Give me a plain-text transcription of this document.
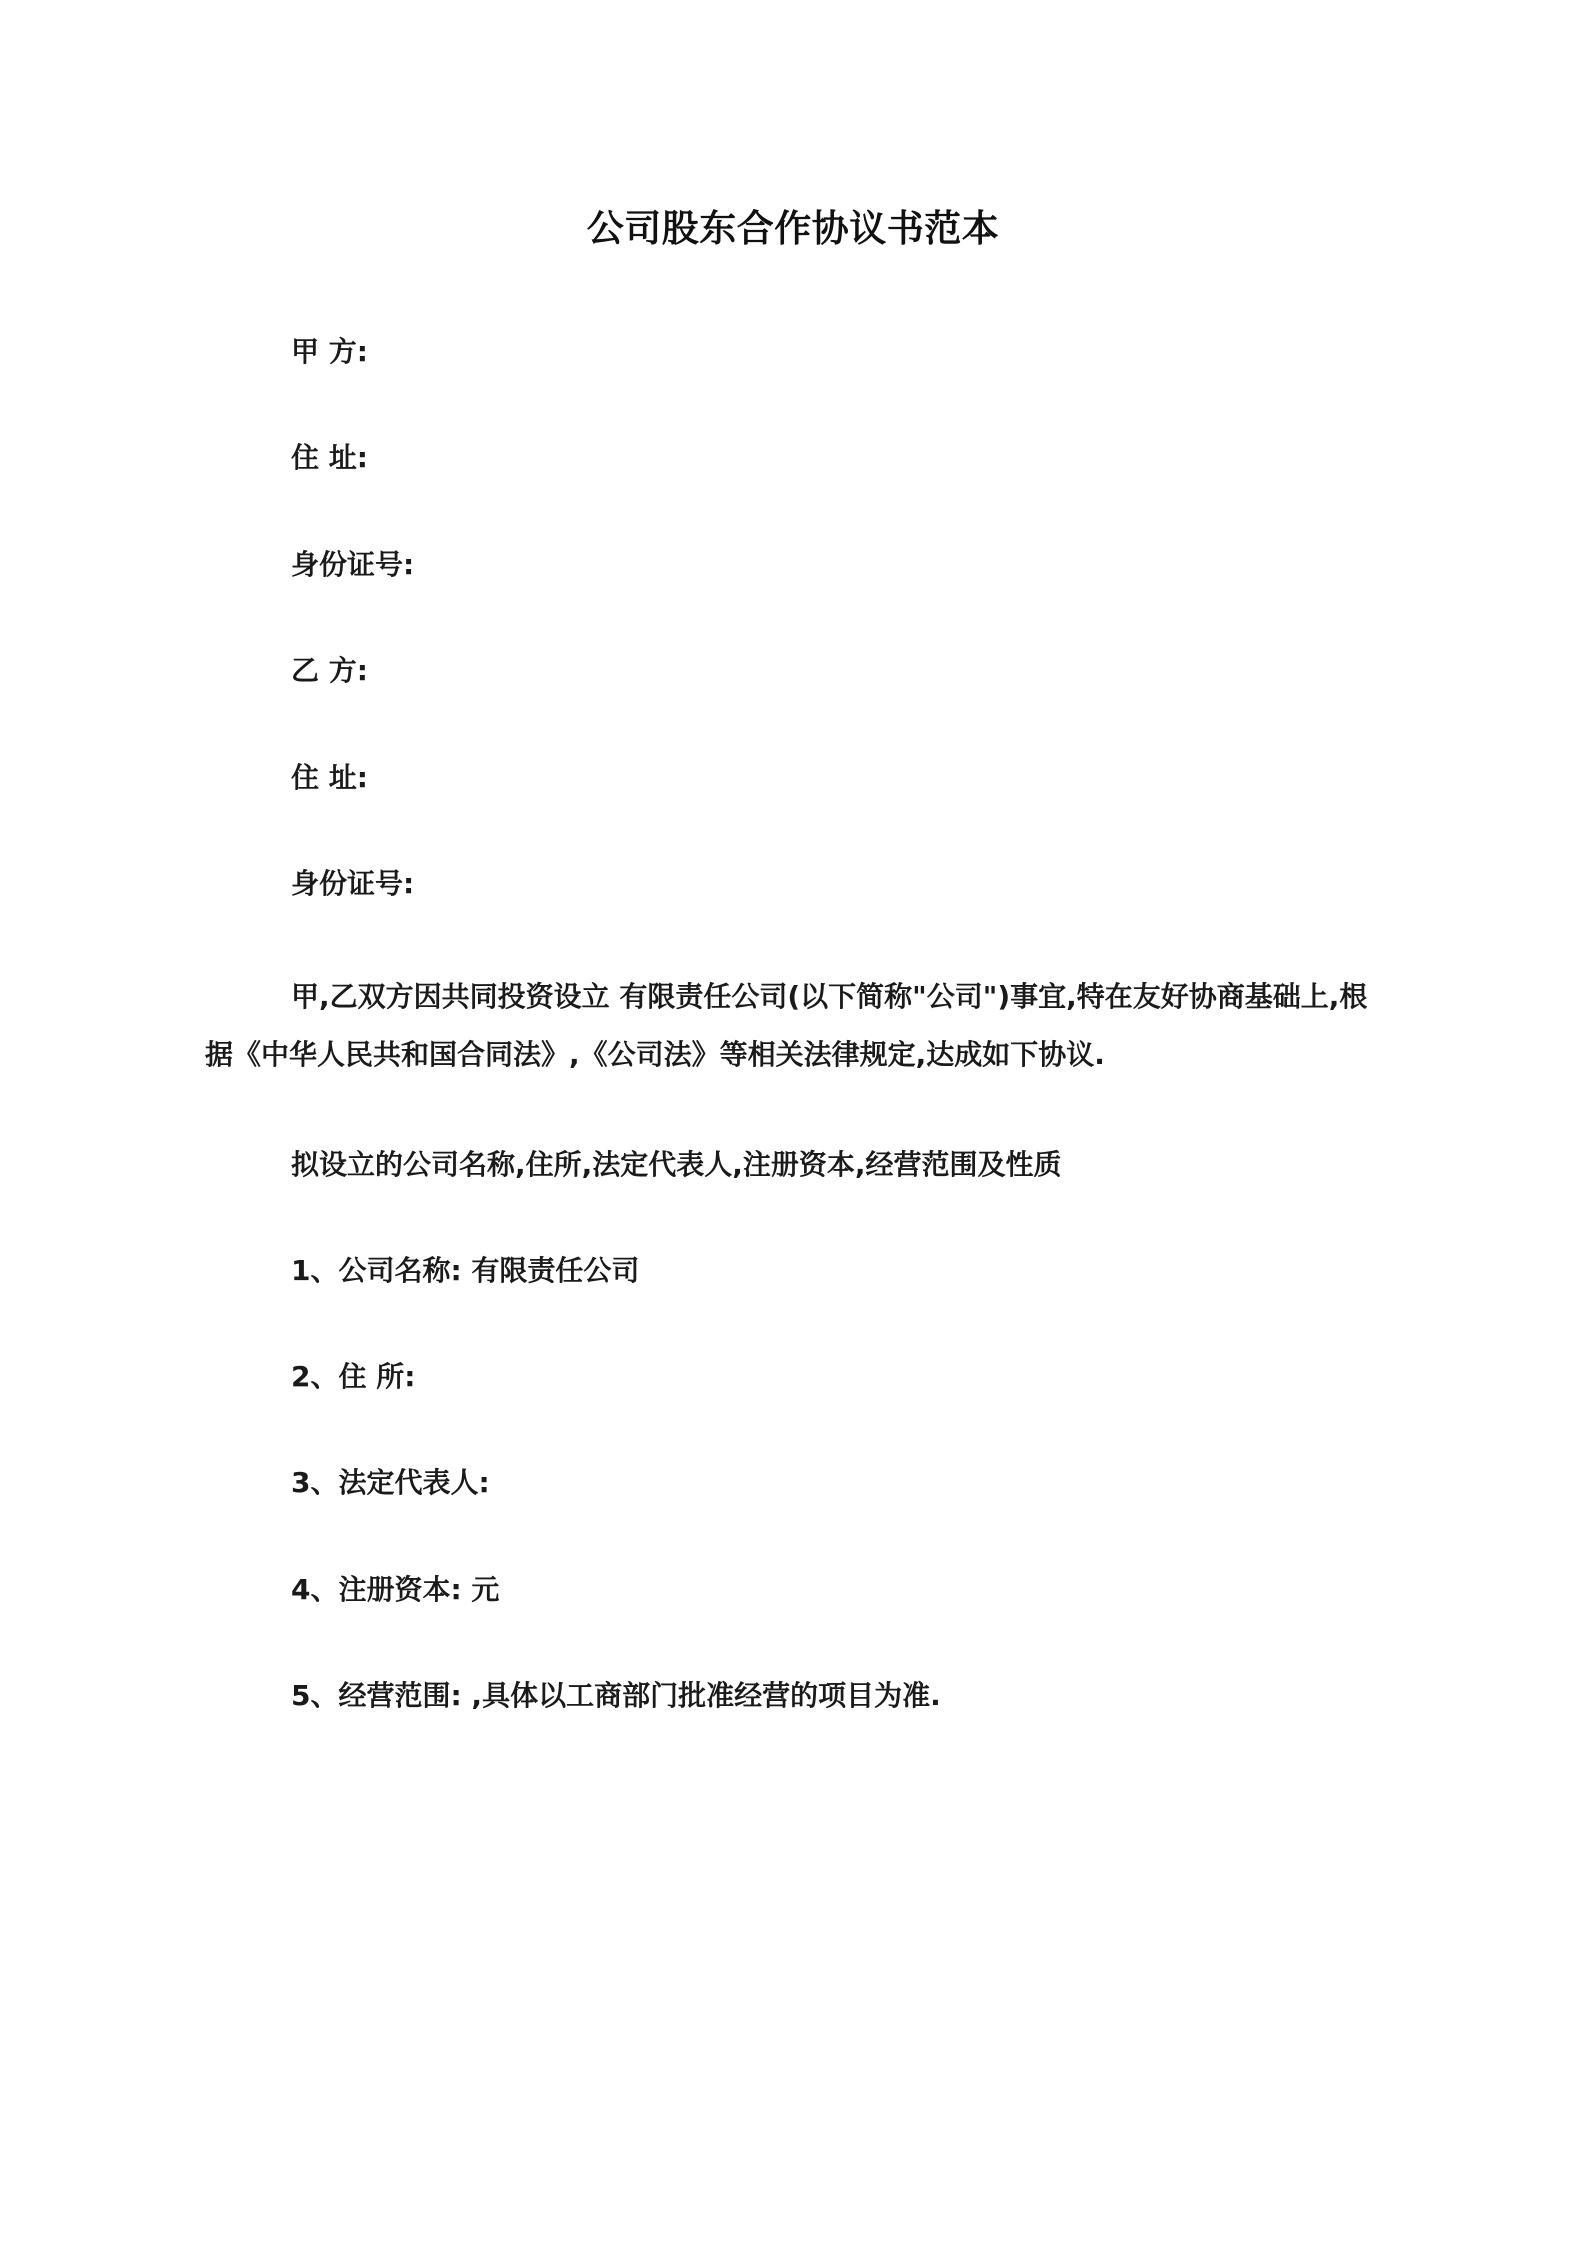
公司股东合作协议书范本

甲 方:

住 址:

身份证号:

乙 方:

住 址:

身份证号:

甲,乙双方因共同投资设立 有限责任公司(以下简称"公司")事宜,特在友好协商基础上,根据《中华人民共和国合同法》,《公司法》等相关法律规定,达成如下协议.

拟设立的公司名称,住所,法定代表人,注册资本,经营范围及性质

1、公司名称: 有限责任公司

2、住 所:

3、法定代表人:

4、注册资本: 元

5、经营范围: ,具体以工商部门批准经营的项目为准.
